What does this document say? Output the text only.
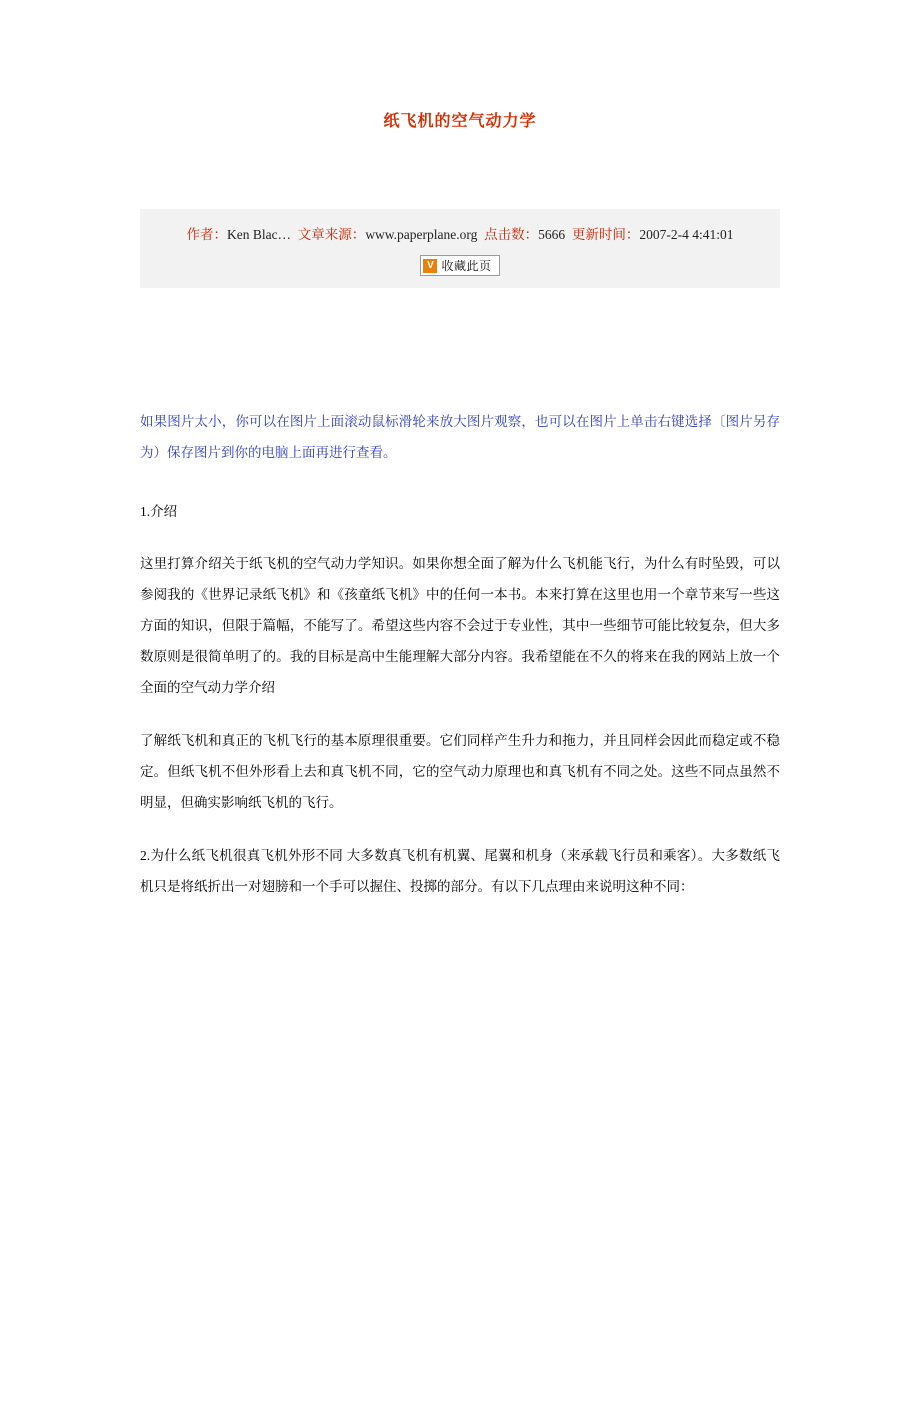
纸飞机的空气动力学
作者：Ken Blac… 文章来源：www.paperplane.org 点击数：5666 更新时间：2007-2-4 4:41:01
V 收藏此页
如果图片太小，你可以在图片上面滚动鼠标滑轮来放大图片观察，也可以在图片上单击右键选择〔图片另存为）保存图片到你的电脑上面再进行查看。
1.介绍

这里打算介绍关于纸飞机的空气动力学知识。如果你想全面了解为什么飞机能飞行，为什么有时坠毁，可以参阅我的《世界记录纸飞机》和《孩童纸飞机》中的任何一本书。本来打算在这里也用一个章节来写一些这方面的知识，但限于篇幅，不能写了。希望这些内容不会过于专业性，其中一些细节可能比较复杂，但大多数原则是很简单明了的。我的目标是高中生能理解大部分内容。我希望能在不久的将来在我的网站上放一个全面的空气动力学介绍

了解纸飞机和真正的飞机飞行的基本原理很重要。它们同样产生升力和拖力，并且同样会因此而稳定或不稳定。但纸飞机不但外形看上去和真飞机不同，它的空气动力原理也和真飞机有不同之处。这些不同点虽然不明显，但确实影响纸飞机的飞行。

2.为什么纸飞机很真飞机外形不同 大多数真飞机有机翼、尾翼和机身（来承载飞行员和乘客）。大多数纸飞机只是将纸折出一对翅膀和一个手可以握住、投掷的部分。有以下几点理由来说明这种不同：
